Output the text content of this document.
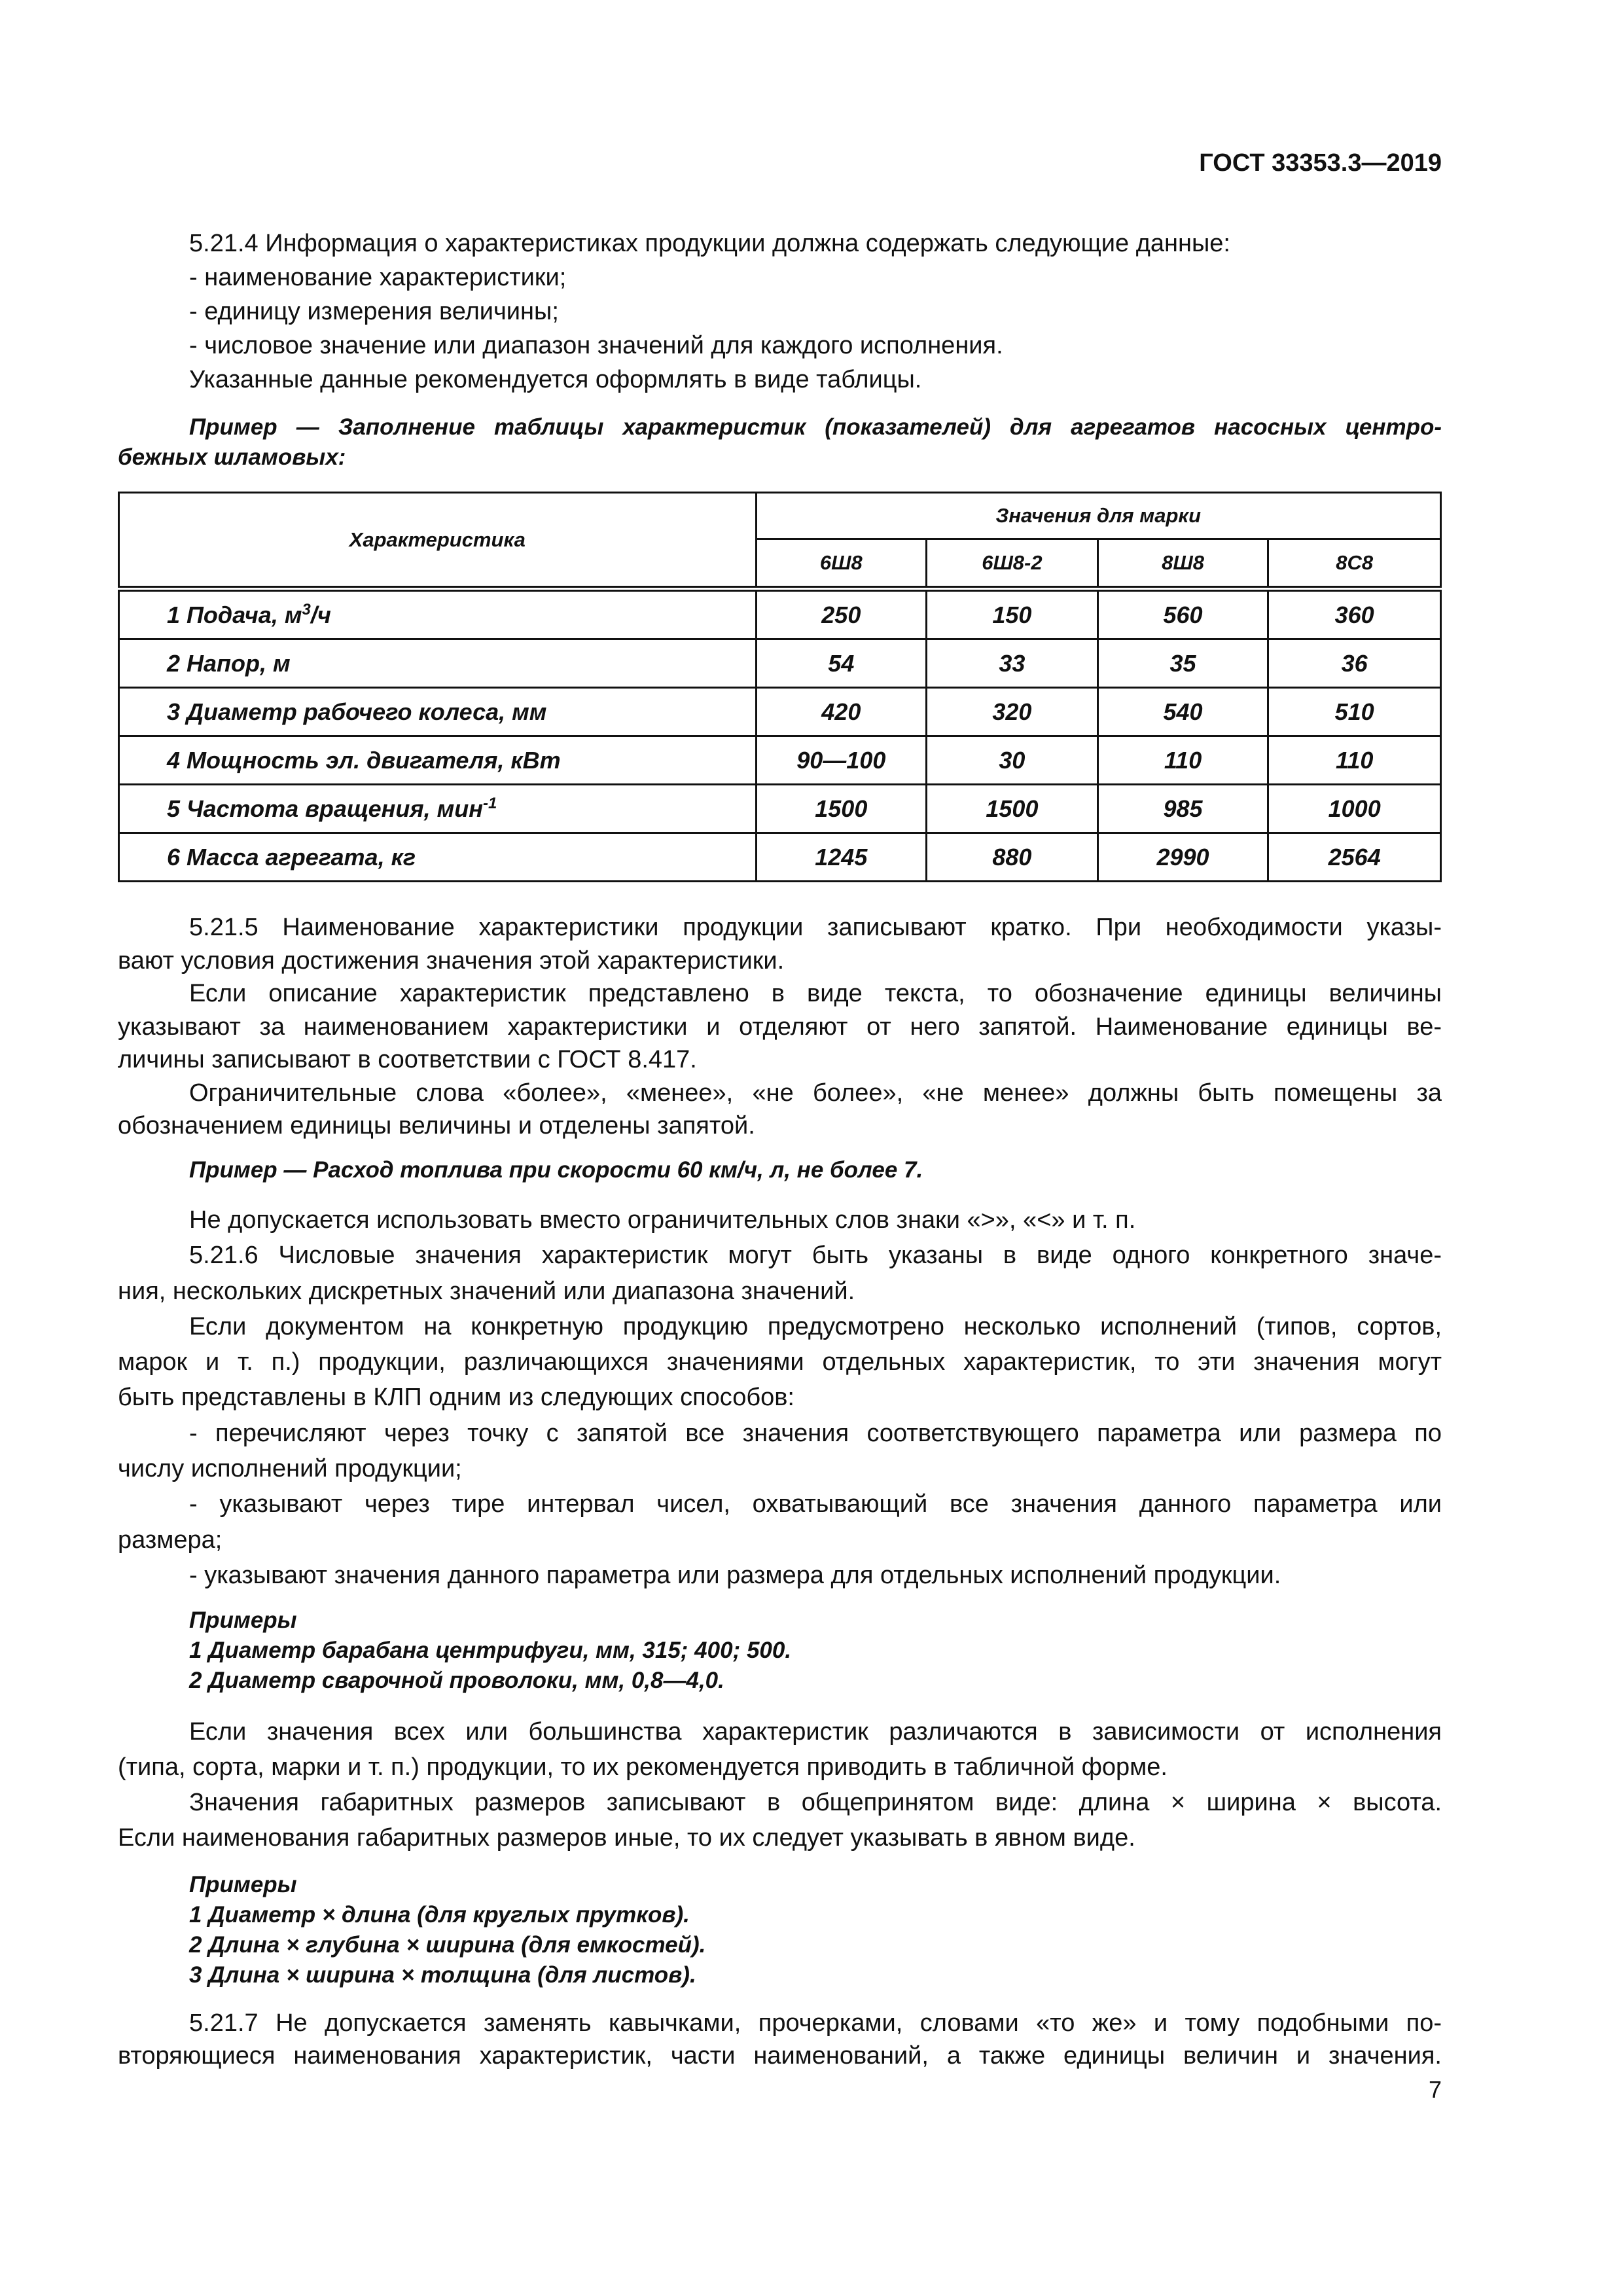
ГОСТ 33353.3—2019
5.21.4 Информация о характеристиках продукции должна содержать следующие данные:
- наименование характеристики;
- единицу измерения величины;
- числовое значение или диапазон значений для каждого исполнения.
Указанные данные рекомендуется оформлять в виде таблицы.
Пример — Заполнение таблицы характеристик (показателей) для агрегатов насосных центро-
бежных шламовых:
Характеристика	Значения для марки			
	6Ш8	6Ш8-2	8Ш8	8С8
1 Подача, $м^3/ч$	250	150	560	360
2 Напор, м	54	33	35	36
3 Диаметр рабочего колеса, мм	420	320	540	510
4 Мощность эл. двигателя, кВт	90—100	30	110	110
5 Частота вращения, мин$^{-1}$	1500	1500	985	1000
6 Масса агрегата, кг	1245	880	2990	2564
5.21.5 Наименование характеристики продукции записывают кратко. При необходимости указы-
вают условия достижения значения этой характеристики.
Если описание характеристик представлено в виде текста, то обозначение единицы величины
указывают за наименованием характеристики и отделяют от него запятой. Наименование единицы ве-
личины записывают в соответствии с ГОСТ 8.417.
Ограничительные слова «более», «менее», «не более», «не менее» должны быть помещены за
обозначением единицы величины и отделены запятой.
Пример — Расход топлива при скорости 60 км/ч, л, не более 7.
Не допускается использовать вместо ограничительных слов знаки «>», «<» и т. п.
5.21.6 Числовые значения характеристик могут быть указаны в виде одного конкретного значе-
ния, нескольких дискретных значений или диапазона значений.
Если документом на конкретную продукцию предусмотрено несколько исполнений (типов, сортов,
марок и т. п.) продукции, различающихся значениями отдельных характеристик, то эти значения могут
быть представлены в КЛП одним из следующих способов:
- перечисляют через точку с запятой все значения соответствующего параметра или размера по
числу исполнений продукции;
- указывают через тире интервал чисел, охватывающий все значения данного параметра или
размера;
- указывают значения данного параметра или размера для отдельных исполнений продукции.
Примеры
1 Диаметр барабана центрифуги, мм, 315; 400; 500.
2 Диаметр сварочной проволоки, мм, 0,8—4,0.
Если значения всех или большинства характеристик различаются в зависимости от исполнения
(типа, сорта, марки и т. п.) продукции, то их рекомендуется приводить в табличной форме.
Значения габаритных размеров записывают в общепринятом виде: длина × ширина × высота.
Если наименования габаритных размеров иные, то их следует указывать в явном виде.
Примеры
1 Диаметр × длина (для круглых прутков).
2 Длина × глубина × ширина (для емкостей).
3 Длина × ширина × толщина (для листов).
5.21.7 Не допускается заменять кавычками, прочерками, словами «то же» и тому подобными по-
вторяющиеся наименования характеристик, части наименований, а также единицы величин и значения.
7
